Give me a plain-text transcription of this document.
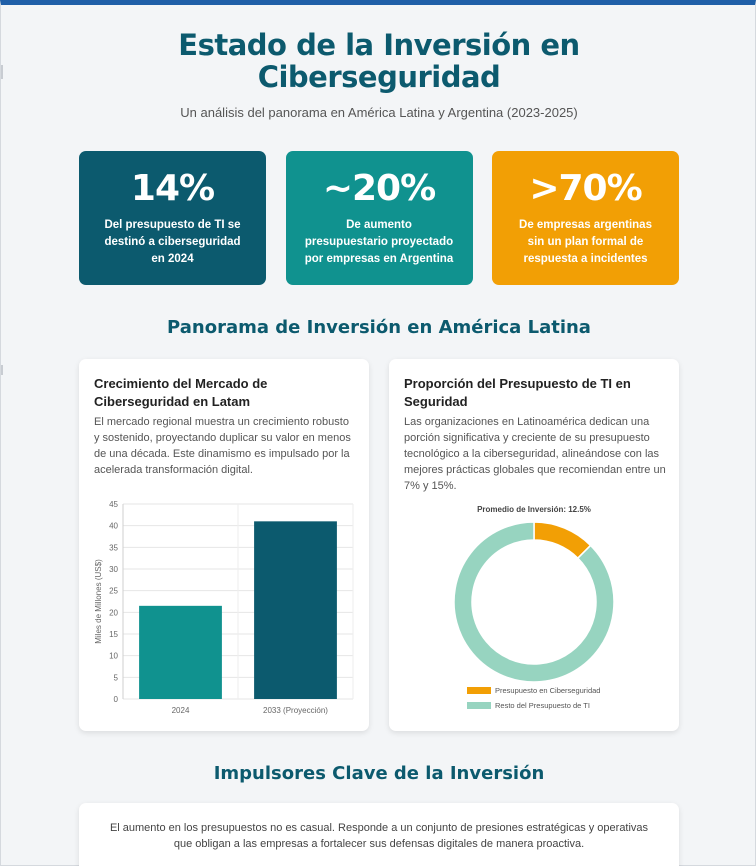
Estado de la Inversión en Ciberseguridad

Un análisis del panorama en América Latina y Argentina (2023-2025)

14%
Del presupuesto de TI se destinó a ciberseguridad en 2024
~20%
De aumento presupuestario proyectado por empresas en Argentina
>70%
De empresas argentinas sin un plan formal de respuesta a incidentes
Panorama de Inversión en América Latina
Crecimiento del Mercado de Ciberseguridad en Latam

El mercado regional muestra un crecimiento robusto y sostenido, proyectando duplicar su valor en menos de una década. Este dinamismo es impulsado por la acelerada transformación digital.

0
5
10
15
20
25
30
35
40
45
2024	2033 (Proyección)
Miles de Millones (US$)
Proporción del Presupuesto de TI en Seguridad

Las organizaciones en Latinoamérica dedican una porción significativa y creciente de su presupuesto tecnológico a la ciberseguridad, alineándose con las mejores prácticas globales que recomiendan entre un 7% y 15%.

Promedio de Inversión: 12.5%
Presupuesto en Ciberseguridad
Resto del Presupuesto de TI
Impulsores Clave de la Inversión

El aumento en los presupuestos no es casual. Responde a un conjunto de presiones estratégicas y operativas que obligan a las empresas a fortalecer sus defensas digitales de manera proactiva.
